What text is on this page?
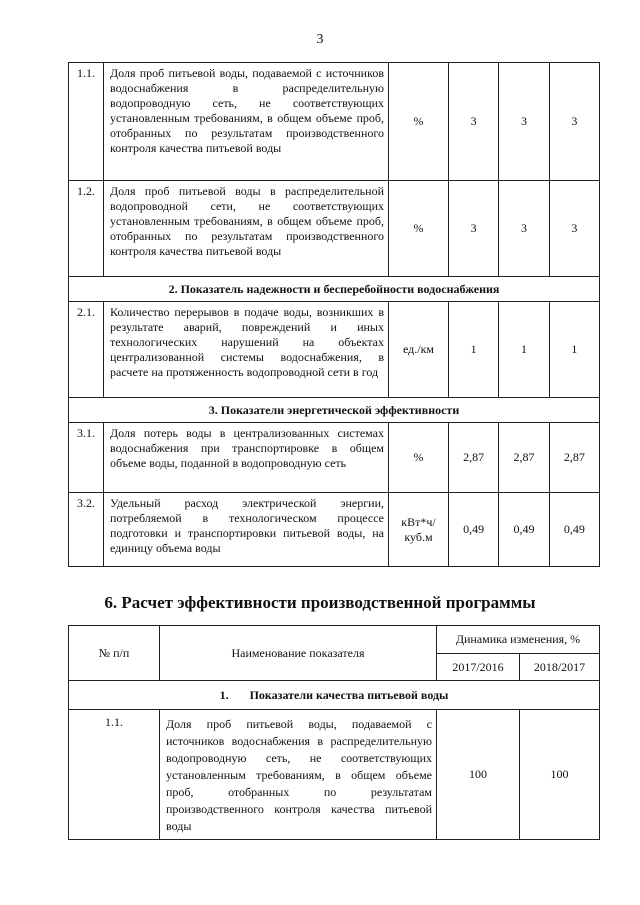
3
1.1.	Доля проб питьевой воды, подаваемой с источников водоснабжения в распределительную водопроводную сеть, не соответствующих установленным требованиям, в общем объеме проб, отобранных по результатам производственного контроля качества питьевой воды	%	3	3	3
1.2.	Доля проб питьевой воды в распределительной водопроводной сети, не соответствующих установленным требованиям, в общем объеме проб, отобранных по результатам производственного контроля качества питьевой воды	%	3	3	3
2. Показатель надежности и бесперебойности водоснабжения					
2.1.	Количество перерывов в подаче воды, возникших в результате аварий, повреждений и иных технологических нарушений на объектах централизованной системы водоснабжения, в расчете на протяженность водопроводной сети в год	ед./км	1	1	1
3. Показатели энергетической эффективности					
3.1.	Доля потерь воды в централизованных системах водоснабжения при транспортировке в общем объеме воды, поданной в водопроводную сеть	%	2,87	2,87	2,87
3.2.	Удельный расход электрической энергии, потребляемой в технологическом процессе подготовки и транспортировки питьевой воды, на единицу объема воды	кВт*ч/ куб.м	0,49	0,49	0,49
6. Расчет эффективности производственной программы
№ п/п	Наименование показателя	Динамика изменения, %	
		2017/2016	2018/2017
1. Показатели качества питьевой воды			
1.1.	Доля проб питьевой воды, подаваемой с источников водоснабжения в распределительную водопроводную сеть, не соответствующих установленным требованиям, в общем объеме проб, отобранных по результатам производственного контроля качества питьевой воды	100	100
